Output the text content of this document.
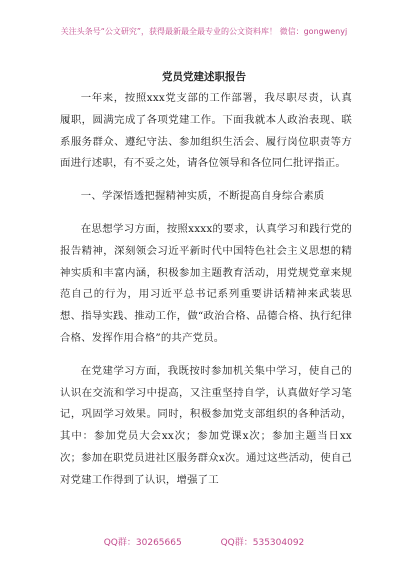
关注头条号“公文研究”，获得最新最全最专业的公文资料库！ 微信：gongwenyj
党员党建述职报告

一年来，按照xxx党支部的工作部署，我尽职尽责，认真履职，圆满完成了各项党建工作。下面我就本人政治表现、联系服务群众、遵纪守法、参加组织生活会、履行岗位职责等方面进行述职，有不妥之处，请各位领导和各位同仁批评指正。

一、学深悟透把握精神实质，不断提高自身综合素质

在思想学习方面，按照xxxx的要求，认真学习和践行党的报告精神，深刻领会习近平新时代中国特色社会主义思想的精神实质和丰富内涵，积极参加主题教育活动，用党规党章来规范自己的行为，用习近平总书记系列重要讲话精神来武装思想、指导实践、推动工作，做“政治合格、品德合格、执行纪律合格、发挥作用合格”的共产党员。

在党建学习方面，我既按时参加机关集中学习，使自己的认识在交流和学习中提高，又注重坚持自学，认真做好学习笔记，巩固学习效果。同时，积极参加党支部组织的各种活动，其中：参加党员大会xx次；参加党课x次；参加主题当日xx次；参加在职党员进社区服务群众x次。通过这些活动，使自己对党建工作得到了认识，增强了工

QQ群：30265665	QQ群：535304092
